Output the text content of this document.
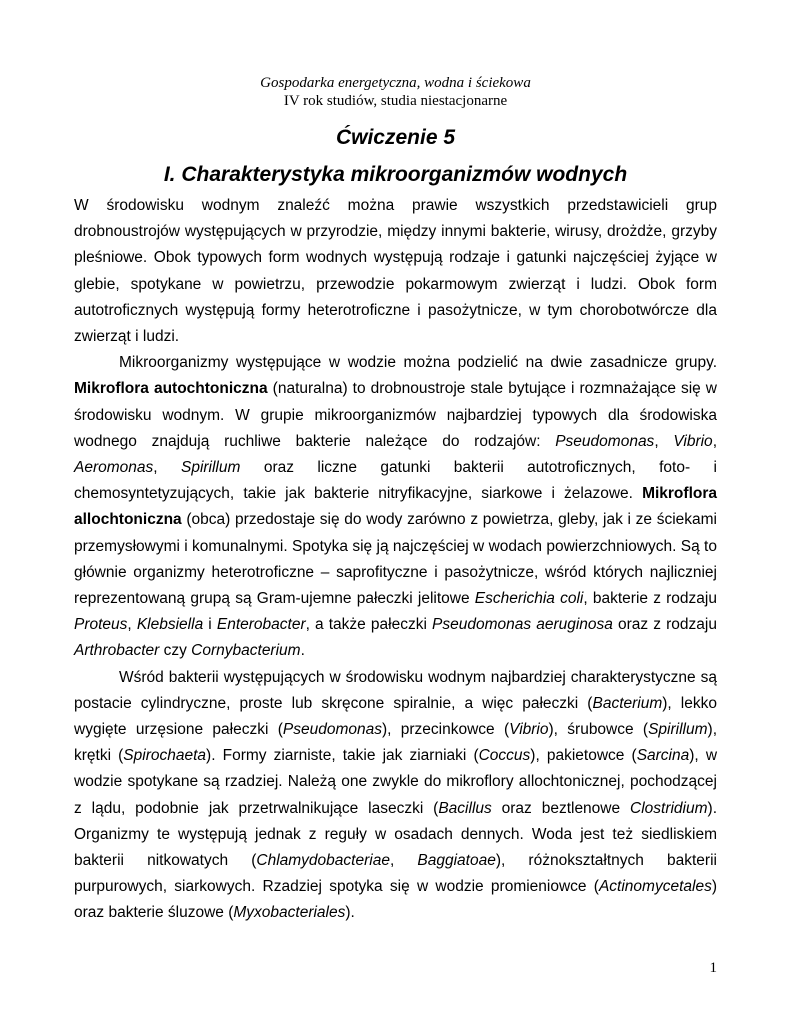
Gospodarka energetyczna, wodna i ściekowa
IV rok studiów, studia niestacjonarne
Ćwiczenie 5
I. Charakterystyka mikroorganizmów wodnych

W środowisku wodnym znaleźć można prawie wszystkich przedstawicieli grup drobnoustrojów występujących w przyrodzie, między innymi bakterie, wirusy, drożdże, grzyby pleśniowe. Obok typowych form wodnych występują rodzaje i gatunki najczęściej żyjące w glebie, spotykane w powietrzu, przewodzie pokarmowym zwierząt i ludzi. Obok form autotroficznych występują formy heterotroficzne i pasożytnicze, w tym chorobotwórcze dla zwierząt i ludzi.

Mikroorganizmy występujące w wodzie można podzielić na dwie zasadnicze grupy. Mikroflora autochtoniczna (naturalna) to drobnoustroje stale bytujące i rozmnażające się w środowisku wodnym. W grupie mikroorganizmów najbardziej typowych dla środowiska wodnego znajdują ruchliwe bakterie należące do rodzajów: Pseudomonas, Vibrio, Aeromonas, Spirillum oraz liczne gatunki bakterii autotroficznych, foto- i chemosyntetyzujących, takie jak bakterie nitryfikacyjne, siarkowe i żelazowe. Mikroflora allochtoniczna (obca) przedostaje się do wody zarówno z powietrza, gleby, jak i ze ściekami przemysłowymi i komunalnymi. Spotyka się ją najczęściej w wodach powierzchniowych. Są to głównie organizmy heterotroficzne – saprofityczne i pasożytnicze, wśród których najliczniej reprezentowaną grupą są Gram-ujemne pałeczki jelitowe Escherichia coli, bakterie z rodzaju Proteus, Klebsiella i Enterobacter, a także pałeczki Pseudomonas aeruginosa oraz z rodzaju Arthrobacter czy Cornybacterium.

Wśród bakterii występujących w środowisku wodnym najbardziej charakterystyczne są postacie cylindryczne, proste lub skręcone spiralnie, a więc pałeczki (Bacterium), lekko wygięte urzęsione pałeczki (Pseudomonas), przecinkowce (Vibrio), śrubowce (Spirillum), krętki (Spirochaeta). Formy ziarniste, takie jak ziarniaki (Coccus), pakietowce (Sarcina), w wodzie spotykane są rzadziej. Należą one zwykle do mikroflory allochtonicznej, pochodzącej z lądu, podobnie jak przetrwalnikujące laseczki (Bacillus oraz beztlenowe Clostridium). Organizmy te występują jednak z reguły w osadach dennych. Woda jest też siedliskiem bakterii nitkowatych (Chlamydobacteriae, Baggiatoae), różnokształtnych bakterii purpurowych, siarkowych. Rzadziej spotyka się w wodzie promieniowce (Actinomycetales) oraz bakterie śluzowe (Myxobacteriales).

1
